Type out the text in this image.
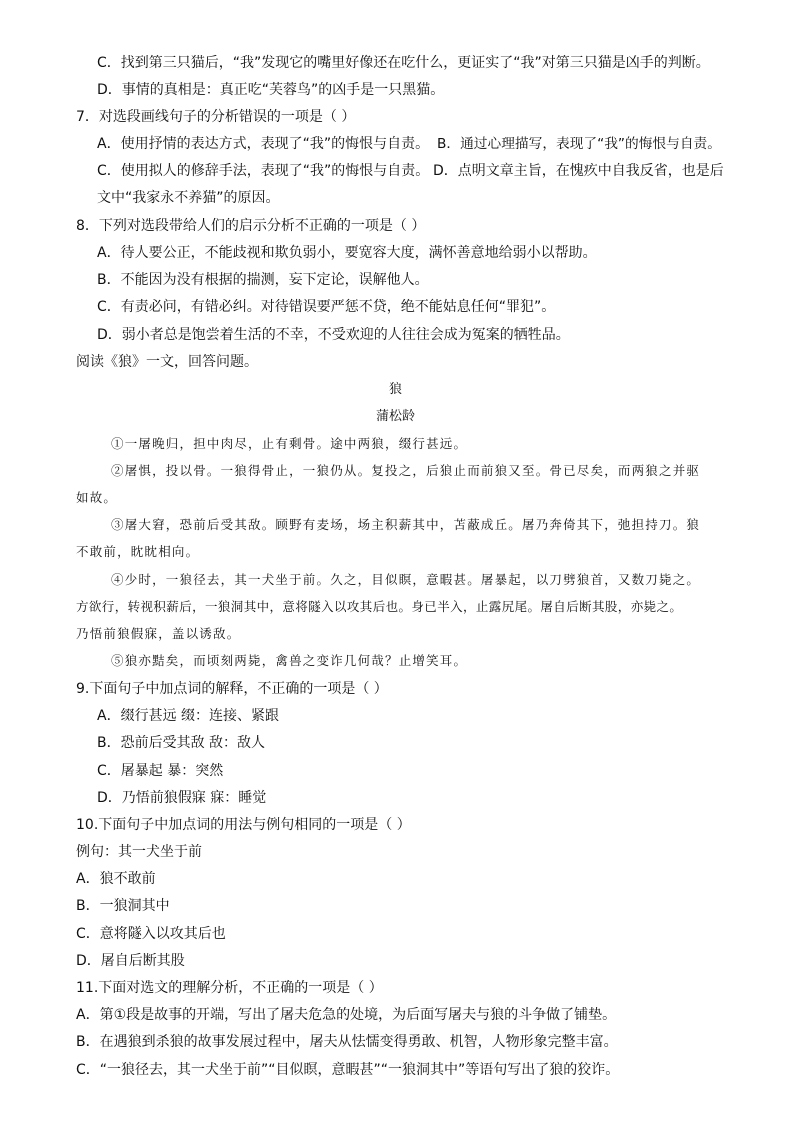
C．找到第三只猫后，“我”发现它的嘴里好像还在吃什么，更证实了“我”对第三只猫是凶手的判断。
D．事情的真相是：真正吃“芙蓉鸟”的凶手是一只黑猫。
7．对选段画线句子的分析错误的一项是（ ）
A．使用抒情的表达方式，表现了“我”的悔恨与自责。 B．通过心理描写，表现了“我”的悔恨与自责。
C．使用拟人的修辞手法，表现了“我”的悔恨与自责。 D．点明文章主旨，在愧疚中自我反省，也是后
文中“我家永不养猫”的原因。
8．下列对选段带给人们的启示分析不正确的一项是（ ）
A．待人要公正，不能歧视和欺负弱小，要宽容大度，满怀善意地给弱小以帮助。
B．不能因为没有根据的揣测，妄下定论，误解他人。
C．有责必问，有错必纠。对待错误要严惩不贷，绝不能姑息任何“罪犯”。
D．弱小者总是饱尝着生活的不幸，不受欢迎的人往往会成为冤案的牺牲品。
阅读《狼》一文，回答问题。
狼
蒲松龄
①一屠晚归，担中肉尽，止有剩骨。途中两狼，缀行甚远。
②屠惧，投以骨。一狼得骨止，一狼仍从。复投之，后狼止而前狼又至。骨已尽矣，而两狼之并驱
如故。
③屠大窘，恐前后受其敌。顾野有麦场，场主积薪其中，苫蔽成丘。屠乃奔倚其下，弛担持刀。狼
不敢前，眈眈相向。
④少时，一狼径去，其一犬坐于前。久之，目似瞑，意暇甚。屠暴起，以刀劈狼首，又数刀毙之。
方欲行，转视积薪后，一狼洞其中，意将隧入以攻其后也。身已半入，止露尻尾。屠自后断其股，亦毙之。
乃悟前狼假寐，盖以诱敌。
⑤狼亦黠矣，而顷刻两毙，禽兽之变诈几何哉？止增笑耳。
9.下面句子中加点词的解释，不正确的一项是（ ）
A．缀行甚远 缀：连接、紧跟
B．恐前后受其敌 敌：敌人
C．屠暴起 暴：突然
D．乃悟前狼假寐 寐：睡觉
10.下面句子中加点词的用法与例句相同的一项是（ ）
例句：其一犬坐于前
A．狼不敢前
B．一狼洞其中
C．意将隧入以攻其后也
D．屠自后断其股
11.下面对选文的理解分析，不正确的一项是（ ）
A．第①段是故事的开端，写出了屠夫危急的处境，为后面写屠夫与狼的斗争做了铺垫。
B．在遇狼到杀狼的故事发展过程中，屠夫从怯懦变得勇敢、机智，人物形象完整丰富。
C．“一狼径去，其一犬坐于前”“目似瞑，意暇甚”“一狼洞其中”等语句写出了狼的狡诈。
